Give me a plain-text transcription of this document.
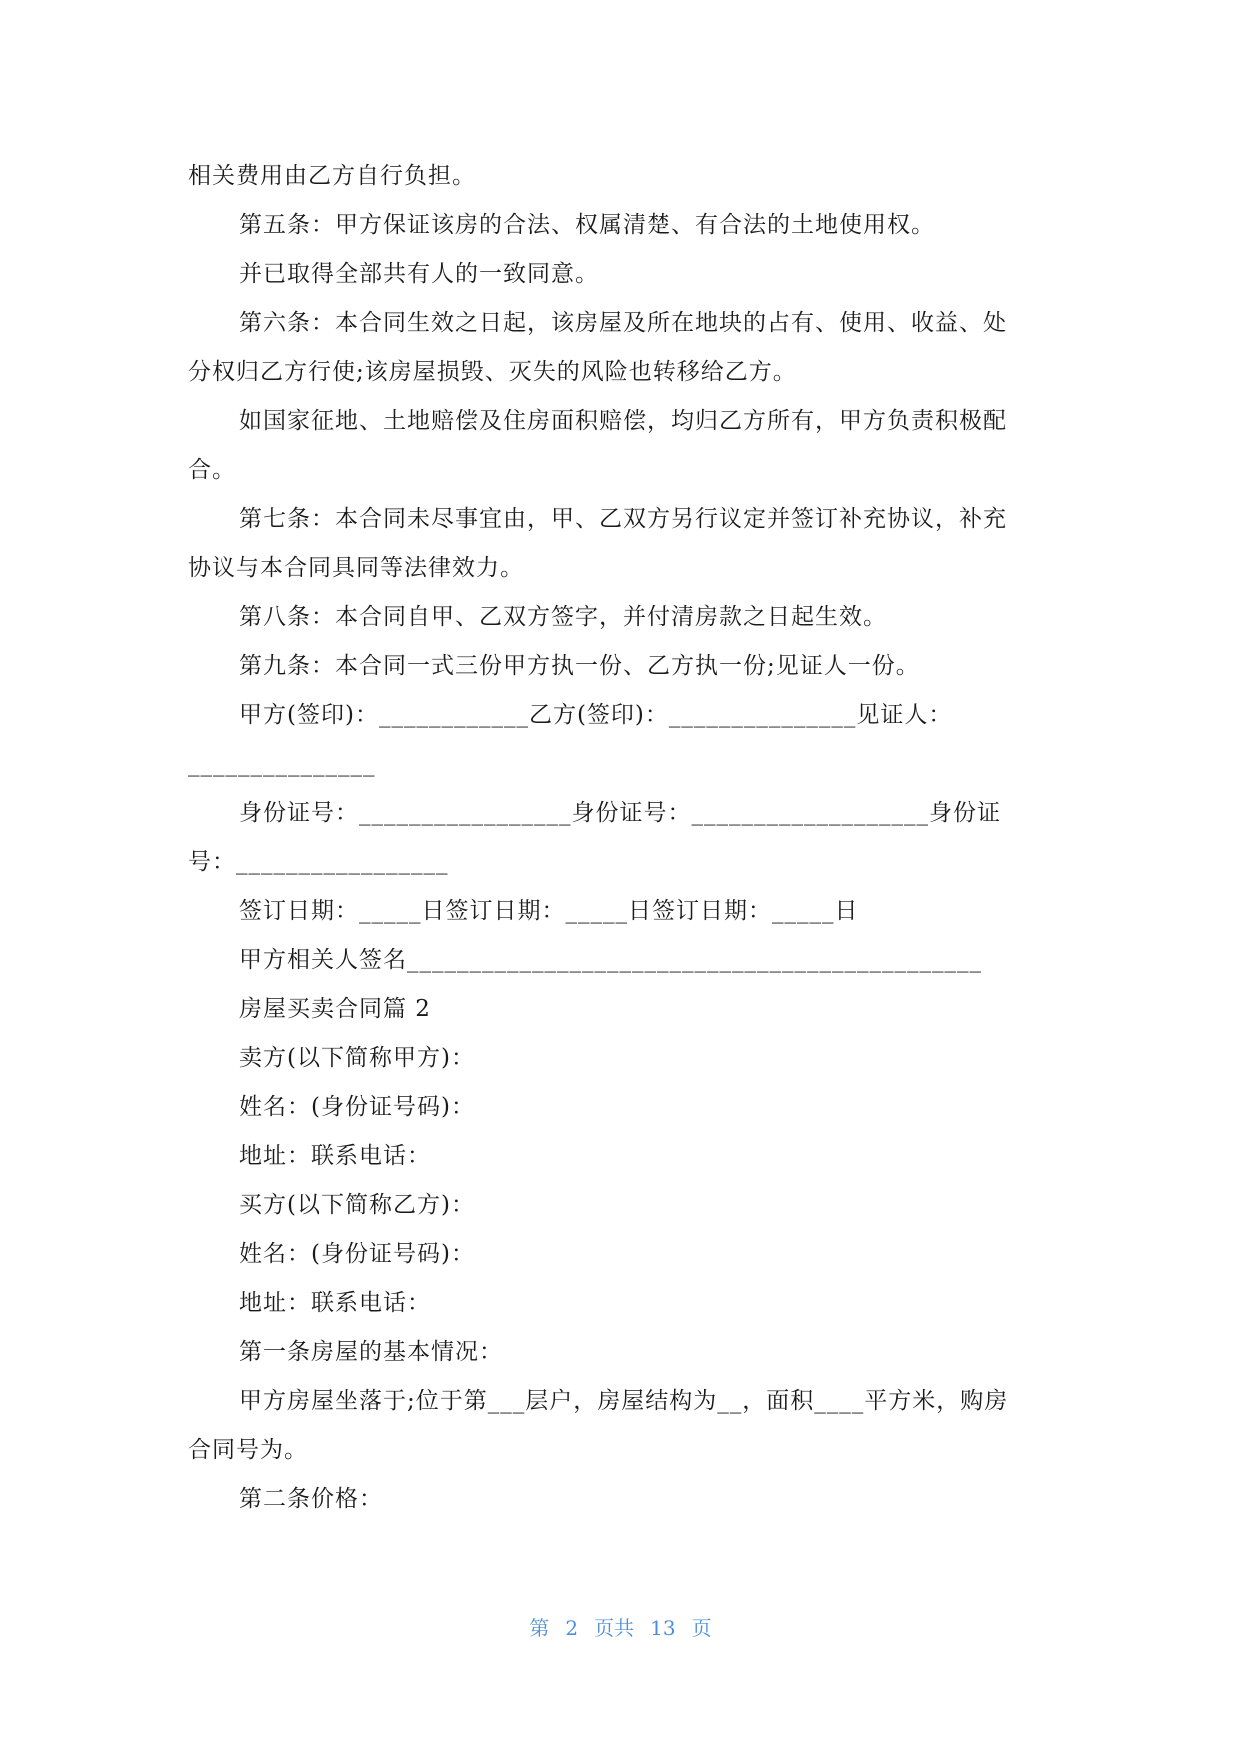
相关费用由乙方自行负担。
第五条：甲方保证该房的合法、权属清楚、有合法的土地使用权。
并已取得全部共有人的一致同意。
第六条：本合同生效之日起，该房屋及所在地块的占有、使用、收益、处
分权归乙方行使;该房屋损毁、灭失的风险也转移给乙方。
如国家征地、土地赔偿及住房面积赔偿，均归乙方所有，甲方负责积极配
合。
第七条：本合同未尽事宜由，甲、乙双方另行议定并签订补充协议，补充
协议与本合同具同等法律效力。
第八条：本合同自甲、乙双方签字，并付清房款之日起生效。
第九条：本合同一式三份甲方执一份、乙方执一份;见证人一份。
甲方(签印)：____________乙方(签印)：_______________见证人：
_______________
身份证号：_________________身份证号：___________________身份证
号：_________________
签订日期：_____日签订日期：_____日签订日期：_____日
甲方相关人签名______________________________________________
房屋买卖合同篇 2
卖方(以下简称甲方)：
姓名：(身份证号码)：
地址：联系电话：
买方(以下简称乙方)：
姓名：(身份证号码)：
地址：联系电话：
第一条房屋的基本情况：
甲方房屋坐落于;位于第___层户，房屋结构为__，面积____平方米，购房
合同号为。
第二条价格：
第 2 页共 13 页
